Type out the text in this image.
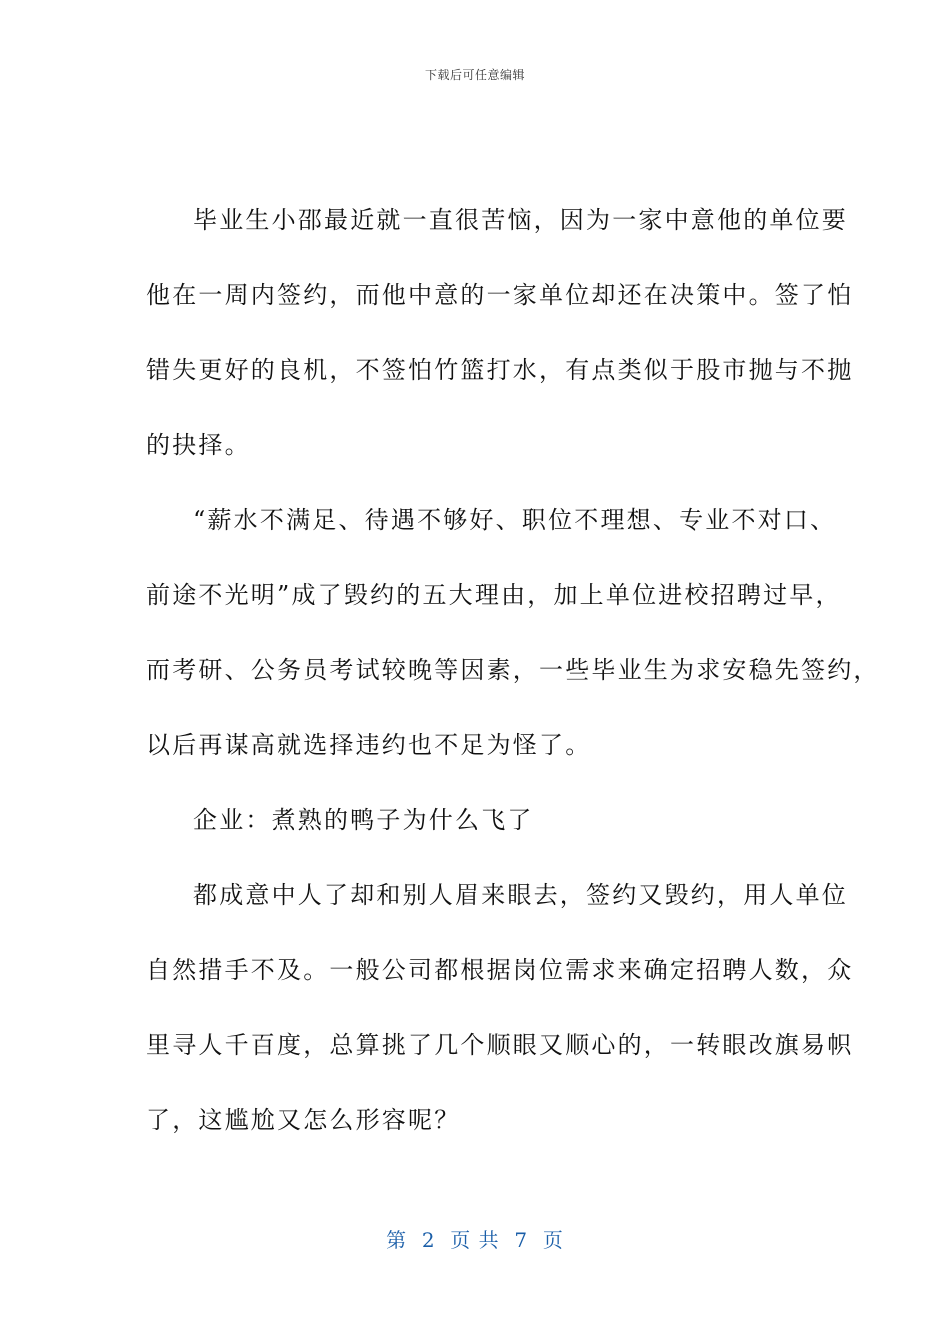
下载后可任意编辑
毕业生小邵最近就一直很苦恼，因为一家中意他的单位要
他在一周内签约，而他中意的一家单位却还在决策中。签了怕
错失更好的良机，不签怕竹篮打水，有点类似于股市抛与不抛
的抉择。
“薪水不满足、待遇不够好、职位不理想、专业不对口、
前途不光明”成了毁约的五大理由，加上单位进校招聘过早，
而考研、公务员考试较晚等因素，一些毕业生为求安稳先签约，
以后再谋高就选择违约也不足为怪了。
企业：煮熟的鸭子为什么飞了
都成意中人了却和别人眉来眼去，签约又毁约，用人单位
自然措手不及。一般公司都根据岗位需求来确定招聘人数，众
里寻人千百度，总算挑了几个顺眼又顺心的，一转眼改旗易帜
了，这尴尬又怎么形容呢？
第  2  页 共  7  页
